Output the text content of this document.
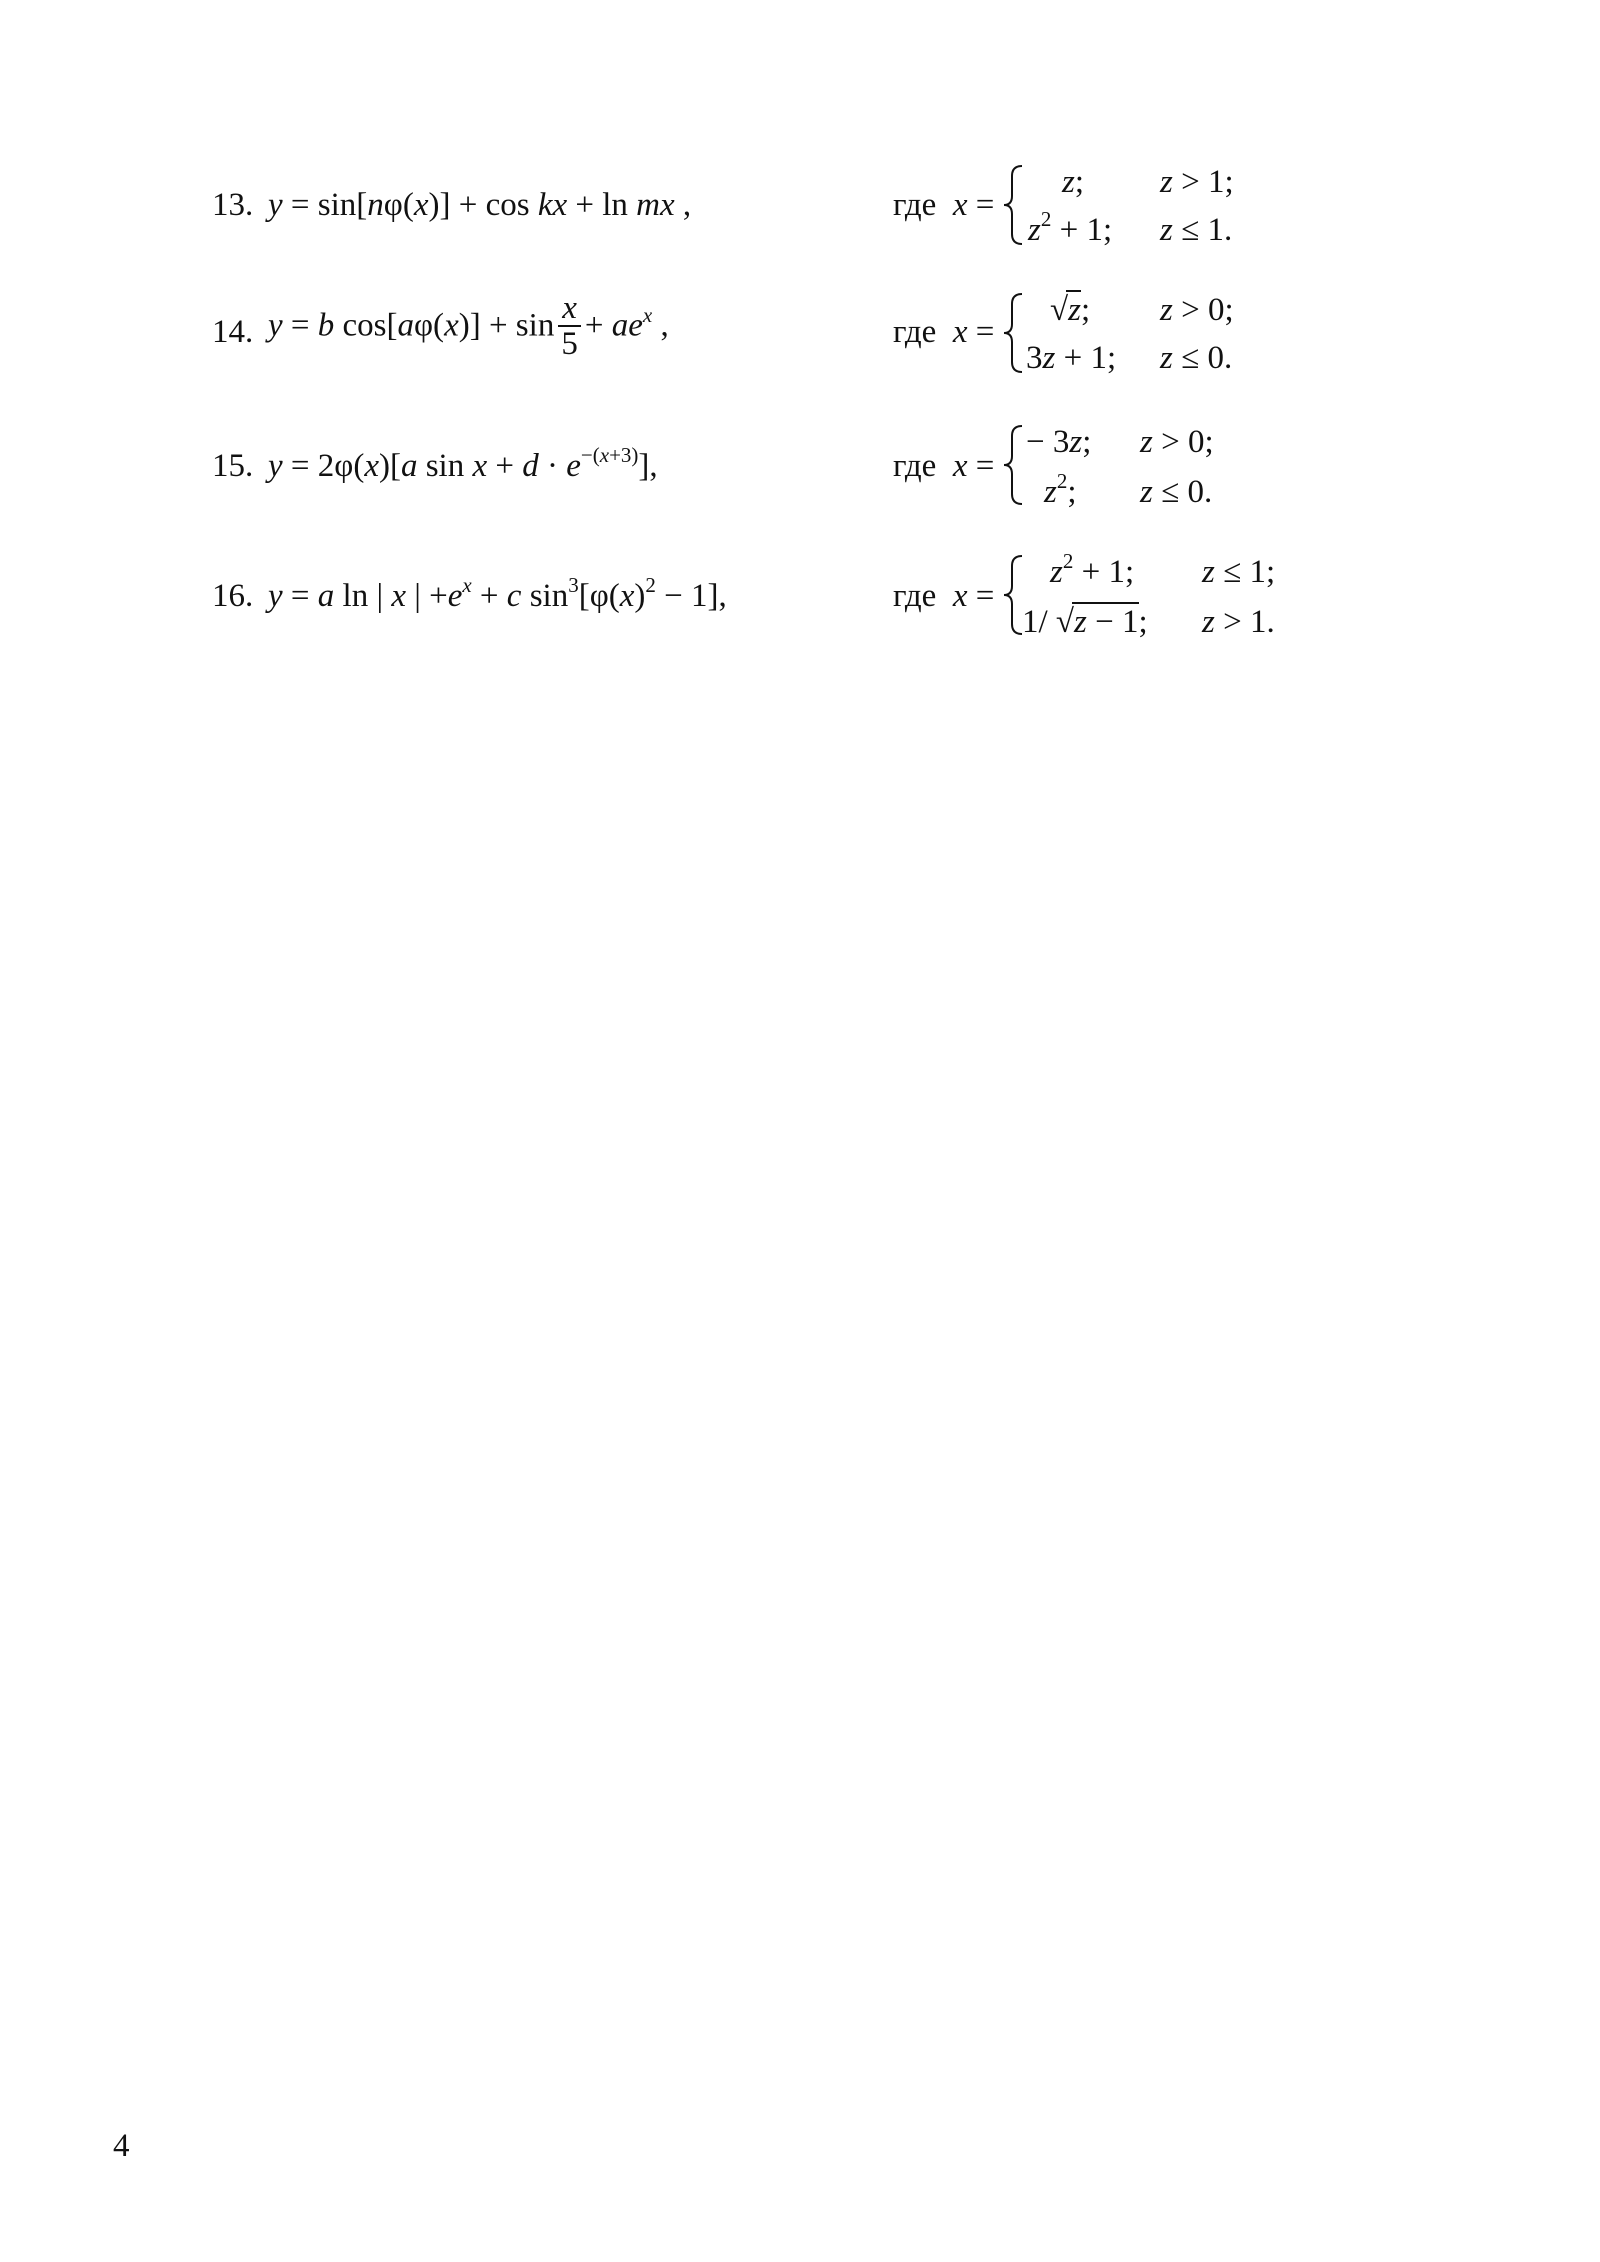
13. y = sin[nφ(x)] + cos kx + ln mx ,	где x =
z; z > 1;
$z^2 + 1$; z ≤ 1.
14. y = b $\cos[a\varphi(x)] + \sin \frac{x}{5} + ae^x$ ,	где x =
√z; z > 0;
3z + 1; z ≤ 0.
15. y = 2φ(x)[a $\sin x + d \cdot e^{-(x+3)}$],	где x =
− 3z; z > 0;
$z^2$; z ≤ 0.
16. y = a ln | x | $+e^x + c$ $\sin^3[\varphi(x)^2 - 1]$,	где x =
$z^2 + 1$; z ≤ 1;
1/ √z − 1; z > 1.
4
